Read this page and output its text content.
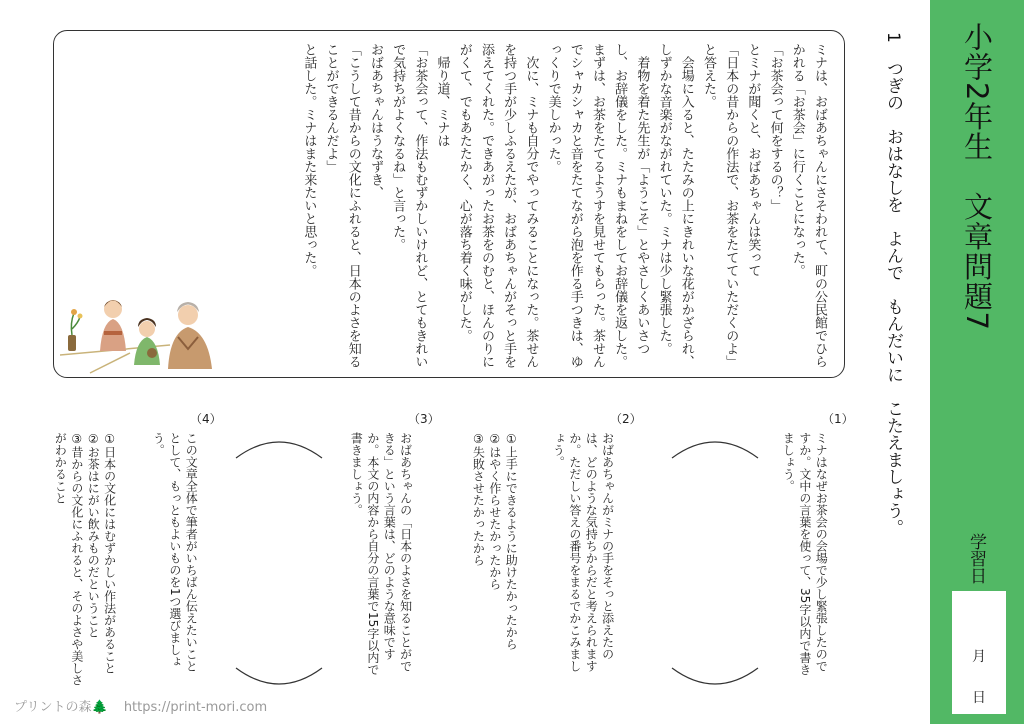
小学2年生　文章問題7
学習日
月
日
1　つぎの　おはなしを　よんで　もんだいに　こたえましょう。

ミナは、おばあちゃんにさそわれて、町の公民館でひらかれる「お茶会」に行くことになった。

「お茶会って何をするの？」

とミナが聞くと、おばあちゃんは笑って

「日本の昔からの作法で、お茶をたてていただくのよ」と答えた。

　会場に入ると、たたみの上にきれいな花がかざられ、しずかな音楽がながれていた。ミナは少し緊張した。

　着物を着た先生が「ようこそ」とやさしくあいさつし、お辞儀をした。ミナもまねをしてお辞儀を返した。

まずは、お茶をたてるようすを見せてもらった。茶せんでシャカシャカと音をたてながら泡を作る手つきは、ゆっくりで美しかった。

　次に、ミナも自分でやってみることになった。茶せんを持つ手が少しふるえたが、おばあちゃんがそっと手を添えてくれた。できあがったお茶をのむと、ほんのりにがくて、でもあたたかく、心が落ち着く味がした。

　帰り道、ミナは

「お茶会って、作法もむずかしいけれど、とてもきれいで気持ちがよくなるね」と言った。

おばあちゃんはうなずき、

「こうして昔からの文化にふれると、日本のよさを知ることができるんだよ」

と話した。ミナはまた来たいと思った。

（1）
ミナはなぜお茶会の会場で少し緊張したのですか。文中の言葉を使って、35字以内で書きましょう。
（2）
おばあちゃんがミナの手をそっと添えたのは、どのような気持ちからだと考えられますか。ただしい答えの番号をまるでかこみましょう。
①上手にできるように助けたかったから
②はやく作らせたかったから
③失敗させたかったから
（3）
おばあちゃんの「日本のよさを知ることができる」という言葉は、どのような意味ですか。本文の内容から自分の言葉で15字以内で書きましょう。
（4）
この文章全体で筆者がいちばん伝えたいこととして、もっともよいものを1つ選びましょう。
①日本の文化にはむずかしい作法があること
②お茶はにがい飲みものだということ
③昔からの文化にふれると、そのよさや美しさがわかること
プリントの森🌲 https://print-mori.com
